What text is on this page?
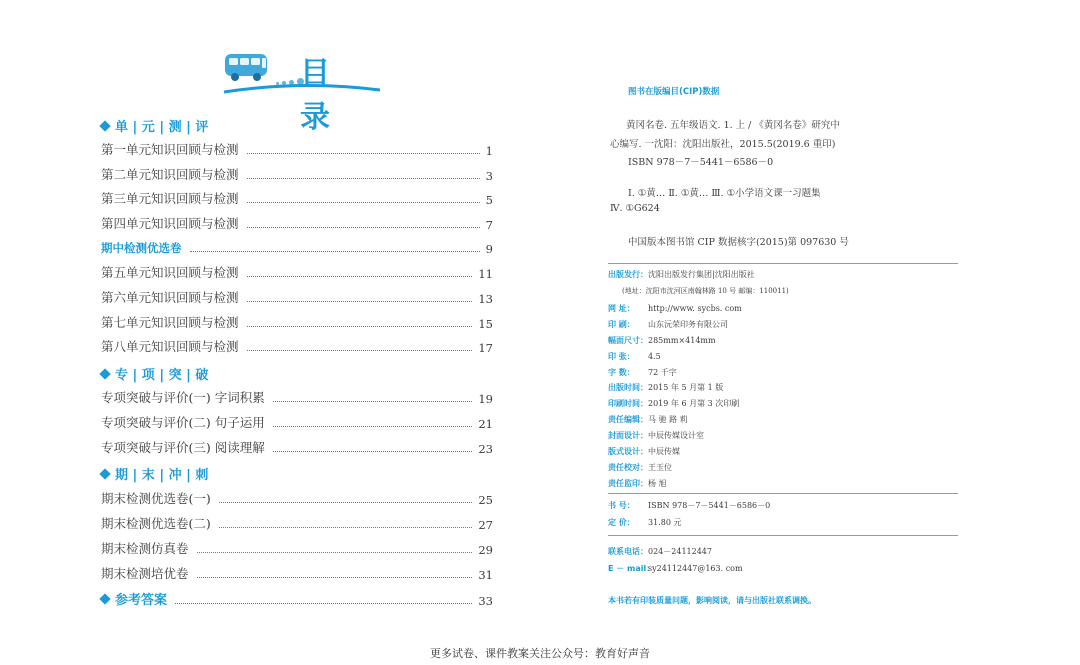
目录
单 | 元 | 测 | 评
第一单元知识回顾与检测	1
第二单元知识回顾与检测	3
第三单元知识回顾与检测	5
第四单元知识回顾与检测	7
期中检测优选卷	9
第五单元知识回顾与检测	11
第六单元知识回顾与检测	13
第七单元知识回顾与检测	15
第八单元知识回顾与检测	17
专 | 项 | 突 | 破
专项突破与评价(一) 字词积累	19
专项突破与评价(二) 句子运用	21
专项突破与评价(三) 阅读理解	23
期 | 末 | 冲 | 刺
期末检测优选卷(一)	25
期末检测优选卷(二)	27
期末检测仿真卷	29
期末检测培优卷	31
参考答案	33
图书在版编目(CIP)数据
黄冈名卷. 五年级语文. 1. 上 / 《黄冈名卷》研究中
心编写. 一沈阳：沈阳出版社，2015.5(2019.6 重印)
ISBN 978－7－5441－6586－0
Ⅰ. ①黄… Ⅱ. ①黄… Ⅲ. ①小学语文课一习题集
Ⅳ. ①G624
中国版本图书馆 CIP 数据核字(2015)第 097630 号
出版发行：沈阳出版发行集团|沈阳出版社
(地址：沈阳市沈河区南翰林路 10 号 邮编：110011)
网 址： http://www. sycbs. com
印 刷： 山东沅荣印务有限公司
幅面尺寸：285mm×414mm
印 张： 4.5
字 数： 72 千字
出版时间：2015 年 5 月第 1 版
印刷时间：2019 年 6 月第 3 次印刷
责任编辑：马 驰 路 莉
封面设计：中辰传媒设计室
版式设计：中辰传媒
责任校对：王玉位
责任监印：杨 旭
书 号： ISBN 978－7－5441－6586－0
定 价： 31.80 元
联系电话：024－24112447
E － mail：sy24112447@163. com
本书若有印装质量问题，影响阅读，请与出版社联系调换。
更多试卷、课件教案关注公众号：教育好声音
